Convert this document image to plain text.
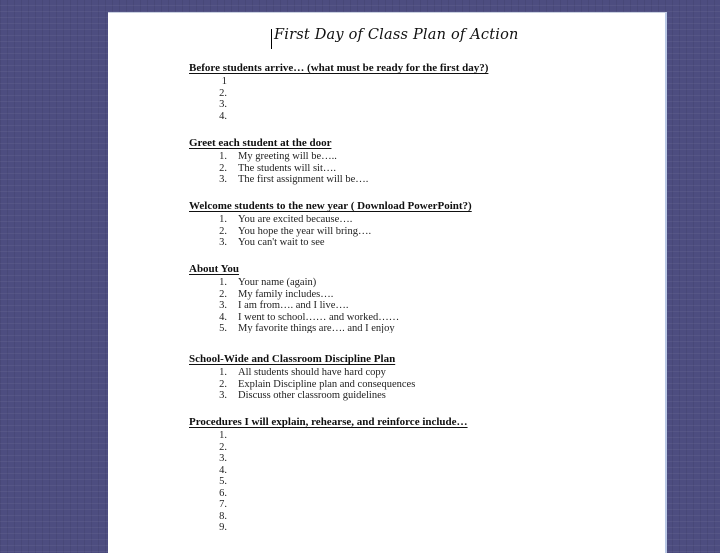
First Day of Class Plan of Action
Before students arrive… (what must be ready for the first day?)
1
2.
3.
4.
Greet each student at the door
1. My greeting will be…..
2. The students will sit….
3. The first assignment will be….
Welcome students to the new year ( Download PowerPoint?)
1. You are excited because….
2. You hope the year will bring….
3. You can't wait to see
About You
1. Your name (again)
2. My family includes….
3. I am from…. and I live….
4. I went to school…… and worked……
5. My favorite things are…. and I enjoy
School-Wide and Classroom Discipline Plan
1. All students should have hard copy
2. Explain Discipline plan and consequences
3. Discuss other classroom guidelines
Procedures I will explain, rehearse, and reinforce include…
1.
2.
3.
4.
5.
6.
7.
8.
9.
